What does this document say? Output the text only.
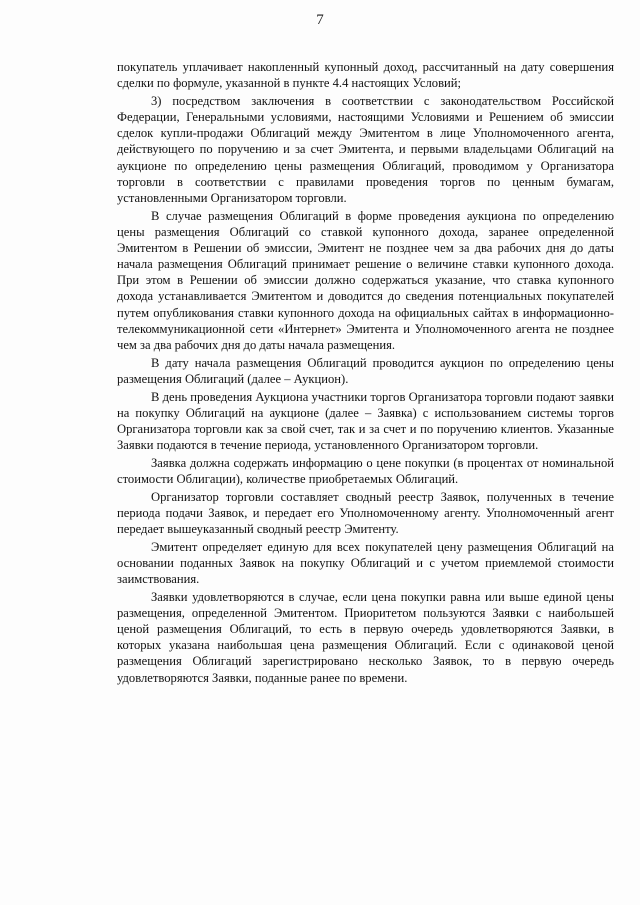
7

покупатель уплачивает накопленный купонный доход, рассчитанный на дату совершения сделки по формуле, указанной в пункте 4.4 настоящих Условий;

3) посредством заключения в соответствии с законодательством Российской Федерации, Генеральными условиями, настоящими Условиями и Решением об эмиссии сделок купли-продажи Облигаций между Эмитентом в лице Уполномоченного агента, действующего по поручению и за счет Эмитента, и первыми владельцами Облигаций на аукционе по определению цены размещения Облигаций, проводимом у Организатора торговли в соответствии с правилами проведения торгов по ценным бумагам, установленными Организатором торговли.

В случае размещения Облигаций в форме проведения аукциона по определению цены размещения Облигаций со ставкой купонного дохода, заранее определенной Эмитентом в Решении об эмиссии, Эмитент не позднее чем за два рабочих дня до даты начала размещения Облигаций принимает решение о величине ставки купонного дохода. При этом в Решении об эмиссии должно содержаться указание, что ставка купонного дохода устанавливается Эмитентом и доводится до сведения потенциальных покупателей путем опубликования ставки купонного дохода на официальных сайтах в информационно-телекоммуникационной сети «Интернет» Эмитента и Уполномоченного агента не позднее чем за два рабочих дня до даты начала размещения.

В дату начала размещения Облигаций проводится аукцион по определению цены размещения Облигаций (далее – Аукцион).

В день проведения Аукциона участники торгов Организатора торговли подают заявки на покупку Облигаций на аукционе (далее – Заявка) с использованием системы торгов Организатора торговли как за свой счет, так и за счет и по поручению клиентов. Указанные Заявки подаются в течение периода, установленного Организатором торговли.

Заявка должна содержать информацию о цене покупки (в процентах от номинальной стоимости Облигации), количестве приобретаемых Облигаций.

Организатор торговли составляет сводный реестр Заявок, полученных в течение периода подачи Заявок, и передает его Уполномоченному агенту. Уполномоченный агент передает вышеуказанный сводный реестр Эмитенту.

Эмитент определяет единую для всех покупателей цену размещения Облигаций на основании поданных Заявок на покупку Облигаций и с учетом приемлемой стоимости заимствования.

Заявки удовлетворяются в случае, если цена покупки равна или выше единой цены размещения, определенной Эмитентом. Приоритетом пользуются Заявки с наибольшей ценой размещения Облигаций, то есть в первую очередь удовлетворяются Заявки, в которых указана наибольшая цена размещения Облигаций. Если с одинаковой ценой размещения Облигаций зарегистрировано несколько Заявок, то в первую очередь удовлетворяются Заявки, поданные ранее по времени.
